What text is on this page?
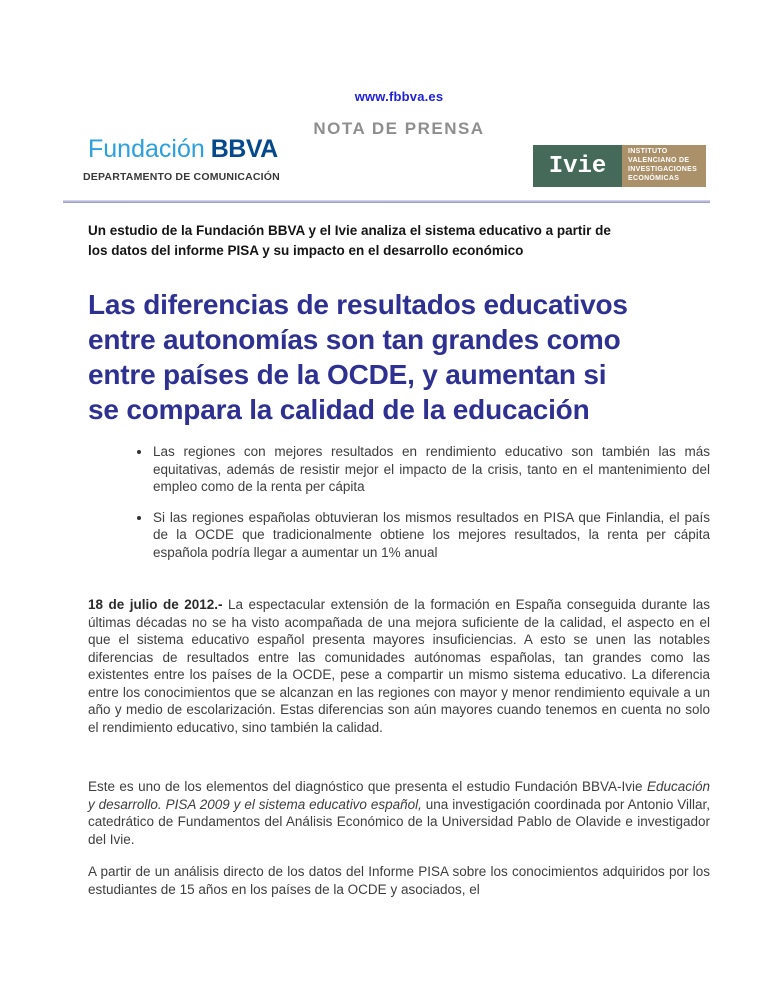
www.fbbva.es
NOTA DE PRENSA
Fundación BBVA
DEPARTAMENTO DE COMUNICACIÓN	Ivie
INSTITUTO
VALENCIANO DE
INVESTIGACIONES
ECONÓMICAS
Un estudio de la Fundación BBVA y el Ivie analiza el sistema educativo a partir de
los datos del informe PISA y su impacto en el desarrollo económico
Las diferencias de resultados educativos
entre autonomías son tan grandes como
entre países de la OCDE, y aumentan si
se compara la calidad de la educación
Las regiones con mejores resultados en rendimiento educativo son también las más equitativas, además de resistir mejor el impacto de la crisis, tanto en el mantenimiento del empleo como de la renta per cápita
Si las regiones españolas obtuvieran los mismos resultados en PISA que Finlandia, el país de la OCDE que tradicionalmente obtiene los mejores resultados, la renta per cápita española podría llegar a aumentar un 1% anual
18 de julio de 2012.- La espectacular extensión de la formación en España conseguida durante las últimas décadas no se ha visto acompañada de una mejora suficiente de la calidad, el aspecto en el que el sistema educativo español presenta mayores insuficiencias. A esto se unen las notables diferencias de resultados entre las comunidades autónomas españolas, tan grandes como las existentes entre los países de la OCDE, pese a compartir un mismo sistema educativo. La diferencia entre los conocimientos que se alcanzan en las regiones con mayor y menor rendimiento equivale a un año y medio de escolarización. Estas diferencias son aún mayores cuando tenemos en cuenta no solo el rendimiento educativo, sino también la calidad.
Este es uno de los elementos del diagnóstico que presenta el estudio Fundación BBVA-Ivie Educación y desarrollo. PISA 2009 y el sistema educativo español, una investigación coordinada por Antonio Villar, catedrático de Fundamentos del Análisis Económico de la Universidad Pablo de Olavide e investigador del Ivie.
A partir de un análisis directo de los datos del Informe PISA sobre los conocimientos adquiridos por los estudiantes de 15 años en los países de la OCDE y asociados, el
